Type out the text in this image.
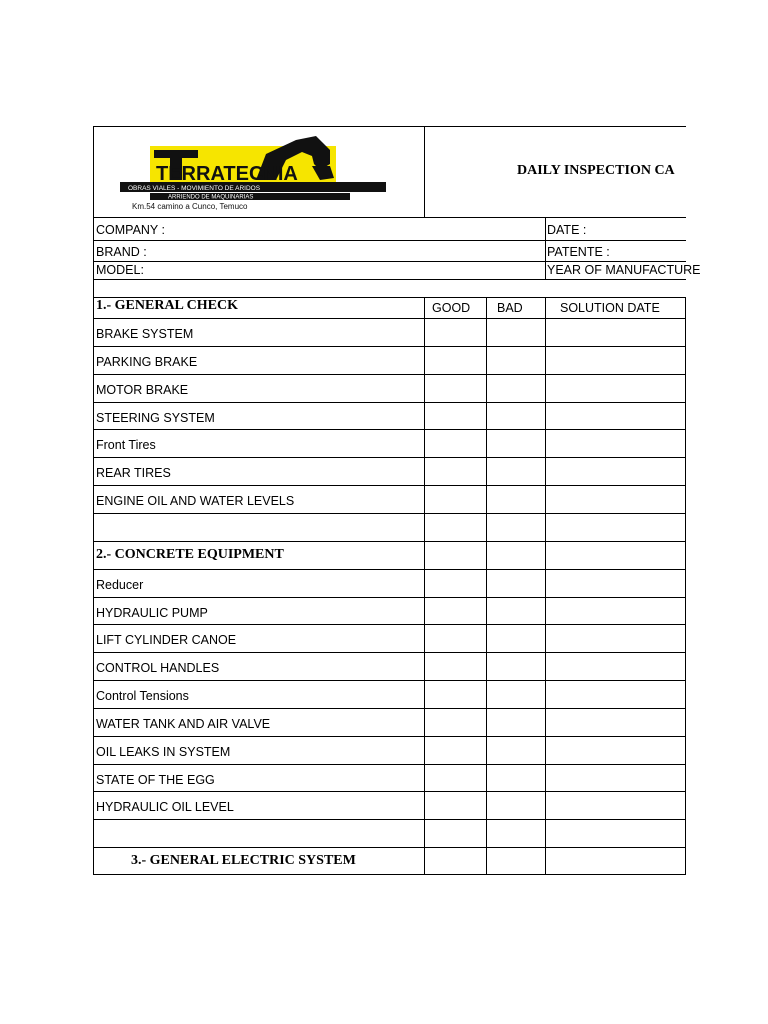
TERRATECNIA
OBRAS VIALES - MOVIMIENTO DE ARIDOS
ARRIENDO DE MAQUINARIAS
Km.54 camino a Cunco, Temuco
DAILY INSPECTION CA
COMPANY :	DATE :
BRAND :	PATENTE :
MODEL:	YEAR OF MANUFACTURE
GOOD BAD	SOLUTION DATE
1.- GENERAL CHECK
BRAKE SYSTEM
PARKING BRAKE
MOTOR BRAKE
STEERING SYSTEM
Front Tires
REAR TIRES
ENGINE OIL AND WATER LEVELS
2.- CONCRETE EQUIPMENT
Reducer
HYDRAULIC PUMP
LIFT CYLINDER CANOE
CONTROL HANDLES
Control Tensions
WATER TANK AND AIR VALVE
OIL LEAKS IN SYSTEM
STATE OF THE EGG
HYDRAULIC OIL LEVEL
3.- GENERAL ELECTRIC SYSTEM
